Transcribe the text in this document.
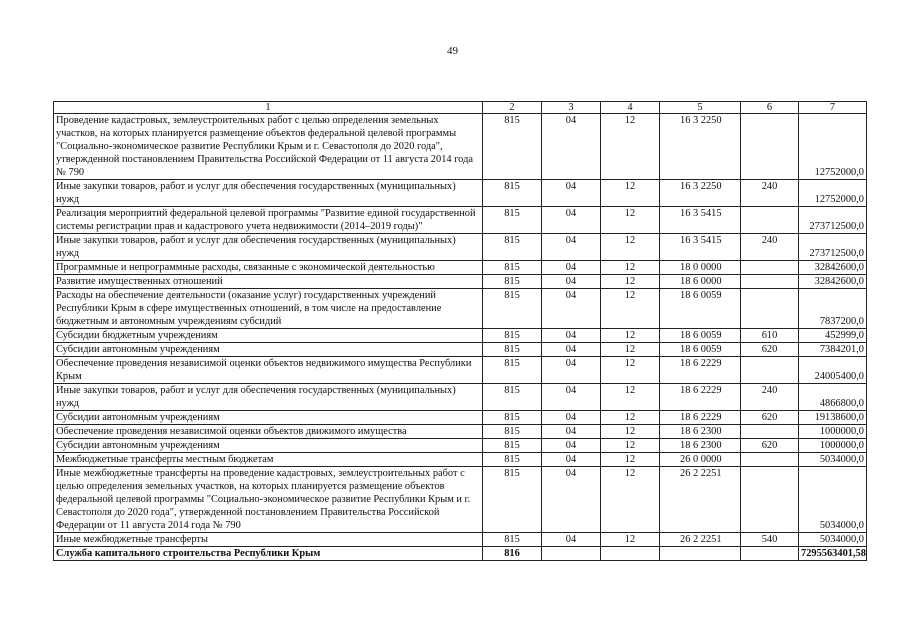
49
1	2	3	4	5	6	7
Проведение кадастровых, землеустроительных работ с целью определения земельных участков, на которых планируется размещение объектов федеральной целевой программы "Социально-экономическое развитие Республики Крым и г. Севастополя до 2020 года", утвержденной постановлением Правительства Российской Федерации от 11 августа 2014 года № 790	815	04	12	16 3 2250		12752000,0
Иные закупки товаров, работ и услуг для обеспечения государственных (муниципальных) нужд	815	04	12	16 3 2250	240	12752000,0
Реализация мероприятий федеральной целевой программы "Развитие единой государственной системы регистрации прав и кадастрового учета недвижимости (2014–2019 годы)"	815	04	12	16 3 5415		273712500,0
Иные закупки товаров, работ и услуг для обеспечения государственных (муниципальных) нужд	815	04	12	16 3 5415	240	273712500,0
Программные и непрограммные расходы, связанные с экономической деятельностью	815	04	12	18 0 0000		32842600,0
Развитие имущественных отношений	815	04	12	18 6 0000		32842600,0
Расходы на обеспечение деятельности (оказание услуг) государственных учреждений Республики Крым в сфере имущественных отношений, в том числе на предоставление бюджетным и автономным учреждениям субсидий	815	04	12	18 6 0059		7837200,0
Субсидии бюджетным учреждениям	815	04	12	18 6 0059	610	452999,0
Субсидии автономным учреждениям	815	04	12	18 6 0059	620	7384201,0
Обеспечение проведения независимой оценки объектов недвижимого имущества Республики Крым	815	04	12	18 6 2229		24005400,0
Иные закупки товаров, работ и услуг для обеспечения государственных (муниципальных) нужд	815	04	12	18 6 2229	240	4866800,0
Субсидии автономным учреждениям	815	04	12	18 6 2229	620	19138600,0
Обеспечение проведения независимой оценки объектов движимого имущества	815	04	12	18 6 2300		1000000,0
Субсидии автономным учреждениям	815	04	12	18 6 2300	620	1000000,0
Межбюджетные трансферты местным бюджетам	815	04	12	26 0 0000		5034000,0
Иные межбюджетные трансферты на проведение кадастровых, землеустроительных работ с целью определения земельных участков, на которых планируется размещение объектов федеральной целевой программы "Социально-экономическое развитие Республики Крым и г. Севастополя до 2020 года", утвержденной постановлением Правительства Российской Федерации от 11 августа 2014 года № 790	815	04	12	26 2 2251		5034000,0
Иные межбюджетные трансферты	815	04	12	26 2 2251	540	5034000,0
Служба капитального строительства Республики Крым	816					7295563401,58
